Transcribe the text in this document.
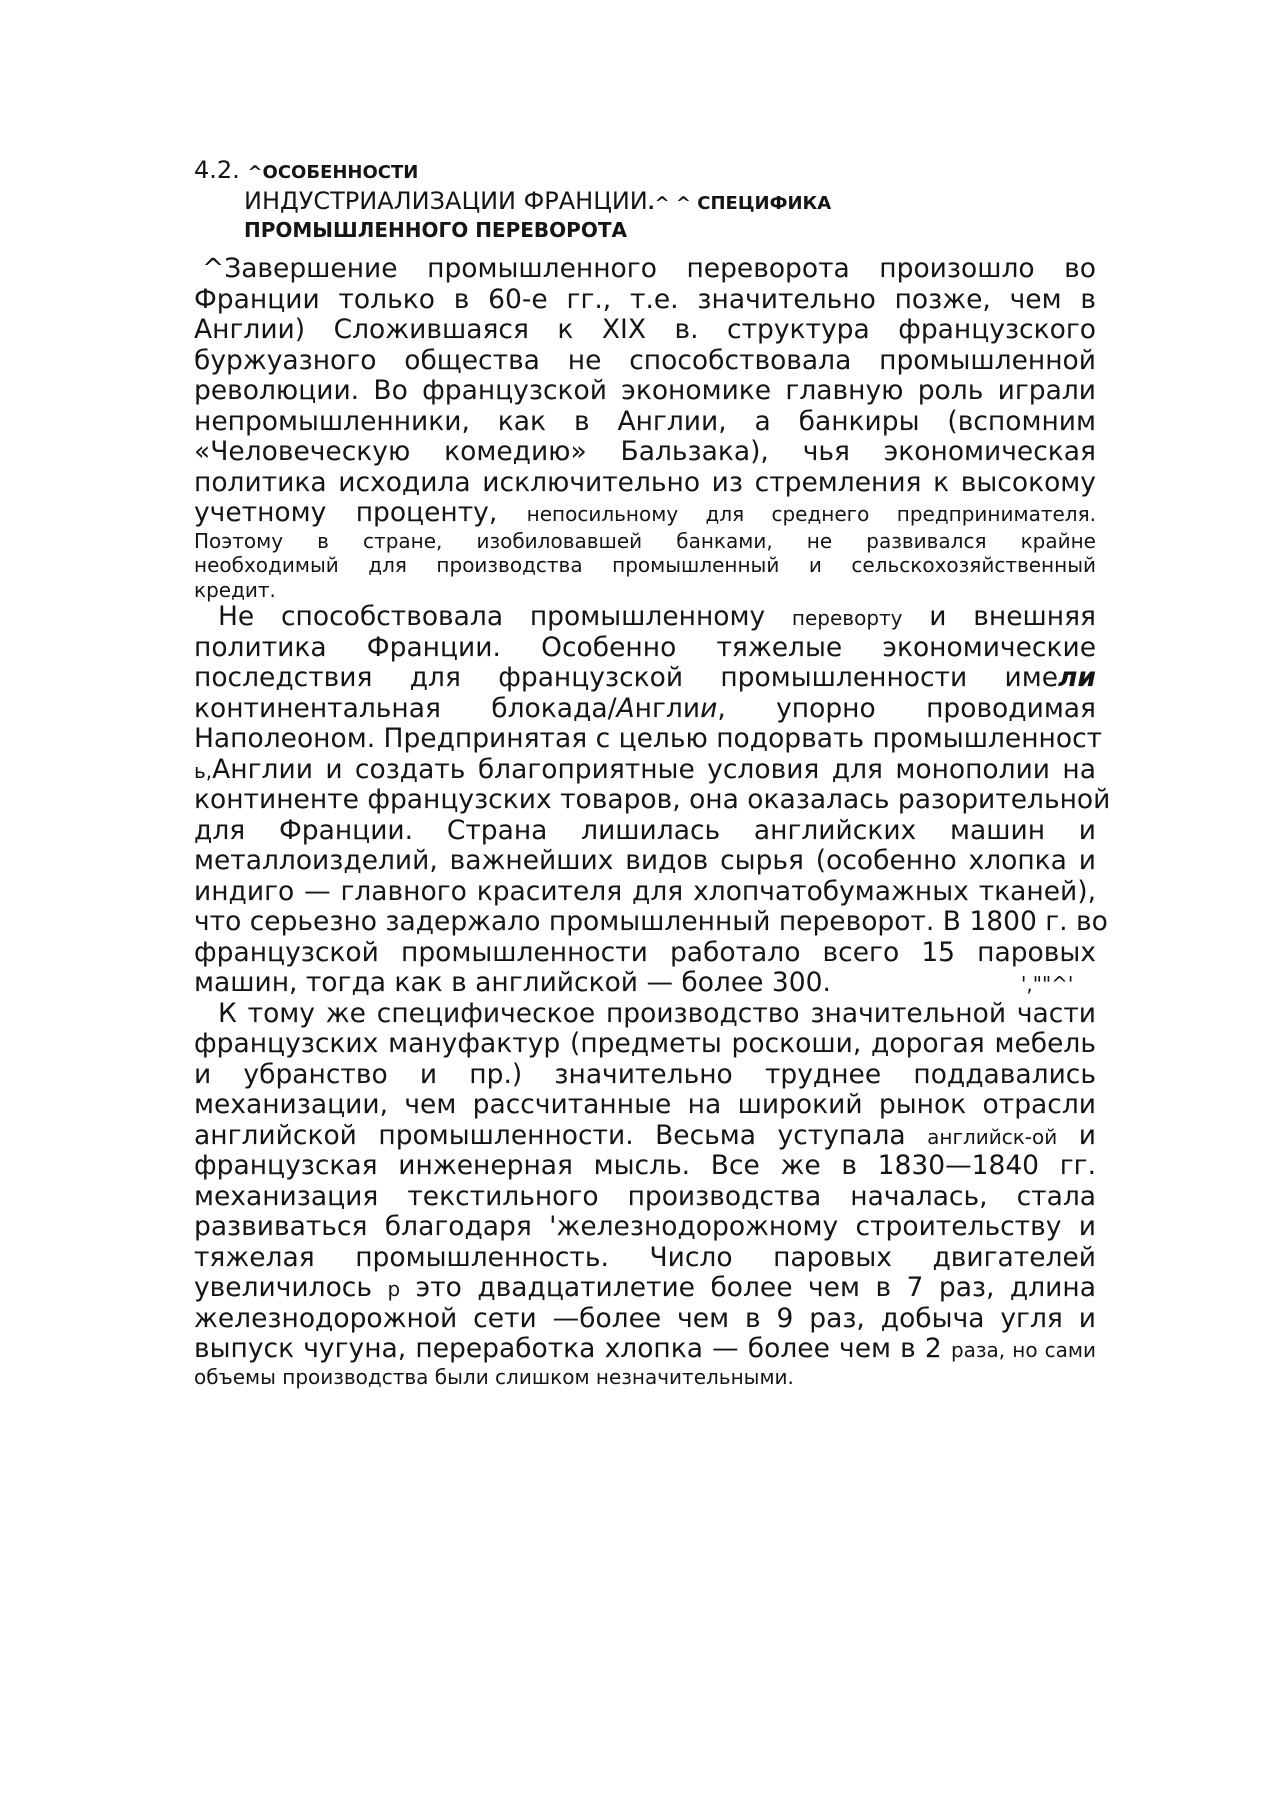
4.2. ^ОСОБЕННОСТИ
ИНДУСТРИАЛИЗАЦИИ ФРАНЦИИ.^ ^ СПЕЦИФИКА
ПРОМЫШЛЕННОГО ПЕРЕВОРОТА
^Завершение промышленного переворота произошло во
Франции только в 60-е гг., т.е. значительно позже, чем в
Англии) Сложившаяся к XIX в. структура французского
буржуазного общества не способствовала промышленной
революции. Во французской экономике главную роль играли
непромышленники, как в Англии, а банкиры (вспомним
«Человеческую комедию» Бальзака), чья экономическая
политика исходила исключительно из стремления к высокому
учетному проценту, непосильному для среднего предпринимателя.
Поэтому в стране, изобиловавшей банками, не развивался крайне
необходимый для производства промышленный и сельскохозяйственный
кредит.
Не способствовала промышленному переворту и внешняя
политика Франции. Особенно тяжелые экономические
последствия для французской промышленности имели
континентальная блокада/Англии, упорно проводимая
Наполеоном. Предпринятая с целью подорвать промышленност
ь,Англии и создать благоприятные условия для монополии на
континенте французских товаров, она оказалась разорительной
для Франции. Страна лишилась английских машин и
металлоизделий, важнейших видов сырья (особенно хлопка и
индиго — главного красителя для хлопчатобумажных тканей),
что серьезно задержало промышленный переворот. В 1800 г. во
французской промышленности работало всего 15 паровых
машин, тогда как в английской — более 300.	',""^'
К тому же специфическое производство значительной части
французских мануфактур (предметы роскоши, дорогая мебель
и убранство и пр.) значительно труднее поддавались
механизации, чем рассчитанные на широкий рынок отрасли
английской промышленности. Весьма уступала английск-ой и
французская инженерная мысль. Все же в 1830—1840 гг.
механизация текстильного производства началась, стала
развиваться благодаря 'железнодорожному строительству и
тяжелая промышленность. Число паровых двигателей
увеличилось р это двадцатилетие более чем в 7 раз, длина
железнодорожной сети —более чем в 9 раз, добыча угля и
выпуск чугуна, переработка хлопка — более чем в 2 раза, но сами
объемы производства были слишком незначительными.
